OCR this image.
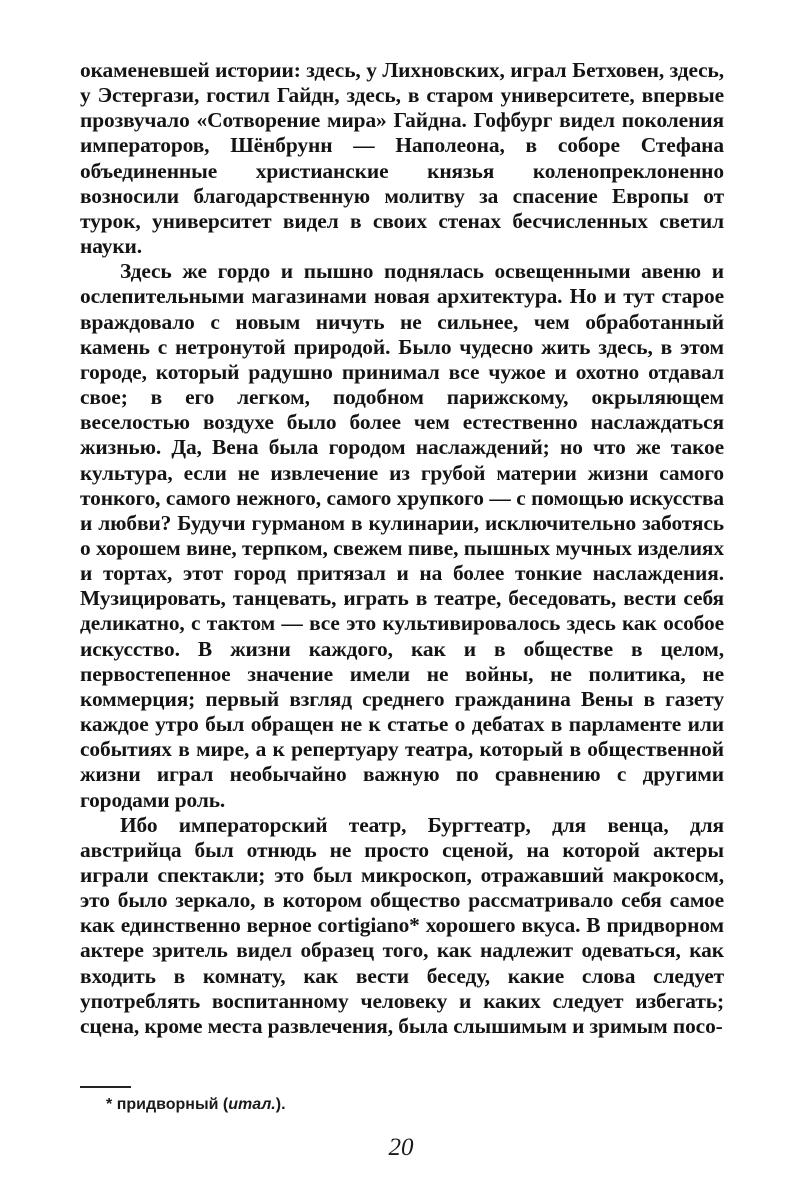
окаменевшей истории: здесь, у Лихновских, играл Бетховен, здесь, у Эстергази, гостил Гайдн, здесь, в старом университете, впервые прозвучало «Сотворение мира» Гайдна. Гофбург видел поколения императоров, Шёнбрунн — Наполеона, в соборе Стефана объединенные христианские князья коленопреклоненно возносили благодарственную молитву за спасение Европы от турок, университет видел в своих стенах бесчисленных светил науки.

Здесь же гордо и пышно поднялась освещенными авеню и ослепительными магазинами новая архитектура. Но и тут старое враждовало с новым ничуть не сильнее, чем обработанный камень с нетронутой природой. Было чудесно жить здесь, в этом городе, который радушно принимал все чужое и охотно отдавал свое; в его легком, подобном парижскому, окрыляющем веселостью воздухе было более чем естественно наслаждаться жизнью. Да, Вена была городом наслаждений; но что же такое культура, если не извлечение из грубой материи жизни самого тонкого, самого нежного, самого хрупкого — с помощью искусства и любви? Будучи гурманом в кулинарии, исключительно заботясь о хорошем вине, терпком, свежем пиве, пышных мучных изделиях и тортах, этот город притязал и на более тонкие наслаждения. Музицировать, танцевать, играть в театре, беседовать, вести себя деликатно, с тактом — все это культивировалось здесь как особое искусство. В жизни каждого, как и в обществе в целом, первостепенное значение имели не войны, не политика, не коммерция; первый взгляд среднего гражданина Вены в газету каждое утро был обращен не к статье о дебатах в парламенте или событиях в мире, а к репертуару театра, который в общественной жизни играл необычайно важную по сравнению с другими городами роль.

Ибо императорский театр, Бургтеатр, для венца, для австрийца был отнюдь не просто сценой, на которой актеры играли спектакли; это был микроскоп, отражавший макрокосм, это было зеркало, в котором общество рассматривало себя самое как единственно верное cortigiano* хорошего вкуса. В придворном актере зритель видел образец того, как надлежит одеваться, как входить в комнату, как вести беседу, какие слова следует употреблять воспитанному человеку и каких следует избегать; сцена, кроме места развлечения, была слышимым и зримым посо-

* придворный (итал.).
20
